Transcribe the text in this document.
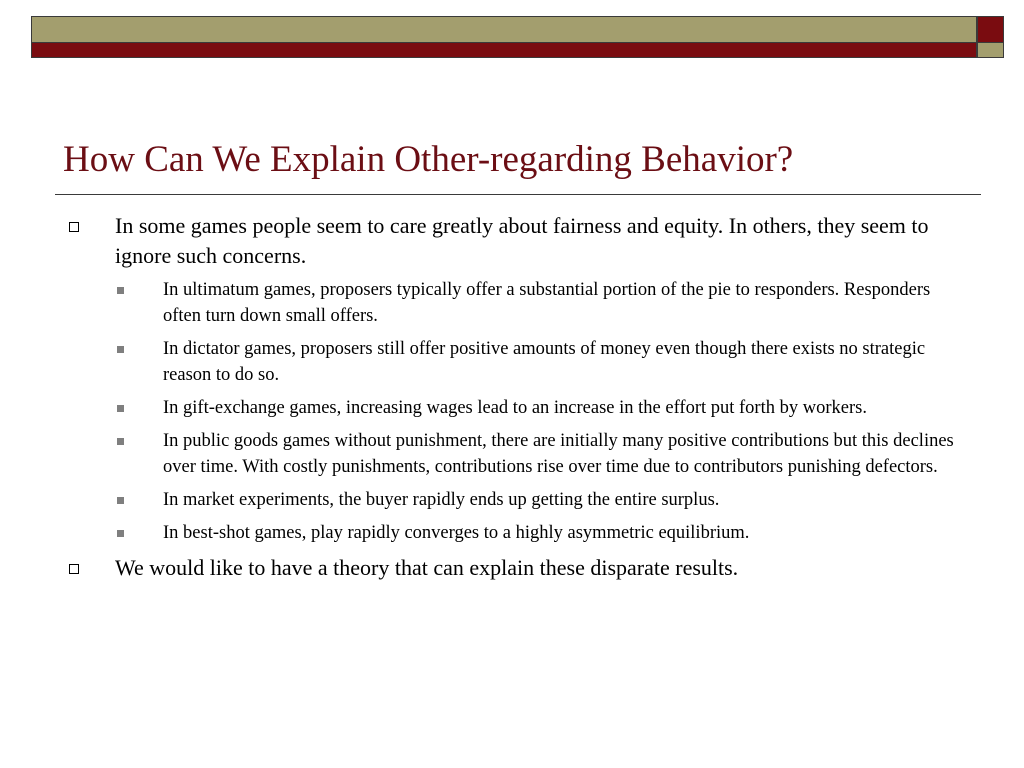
How Can We Explain Other-regarding Behavior?
In some games people seem to care greatly about fairness and equity. In others, they seem to ignore such concerns.
In ultimatum games, proposers typically offer a substantial portion of the pie to responders. Responders often turn down small offers.
In dictator games, proposers still offer positive amounts of money even though there exists no strategic reason to do so.
In gift-exchange games, increasing wages lead to an increase in the effort put forth by workers.
In public goods games without punishment, there are initially many positive contributions but this declines over time. With costly punishments, contributions rise over time due to contributors punishing defectors.
In market experiments, the buyer rapidly ends up getting the entire surplus.
In best-shot games, play rapidly converges to a highly asymmetric equilibrium.
We would like to have a theory that can explain these disparate results.
